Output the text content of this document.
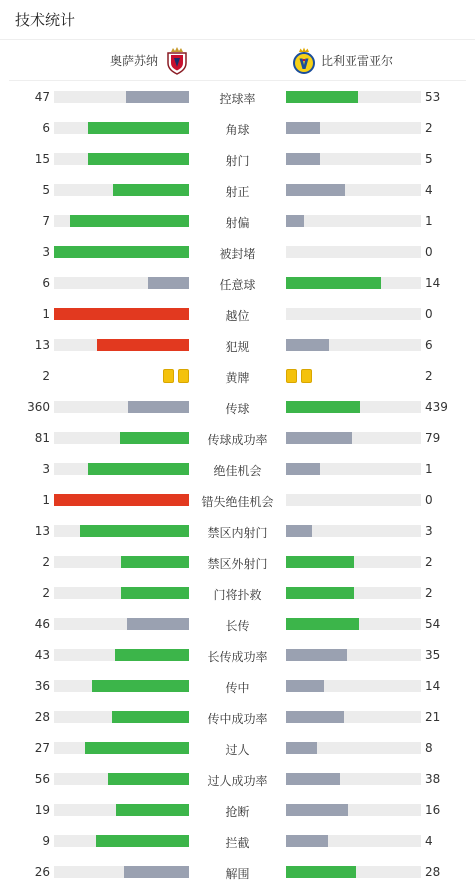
技术统计
奥萨苏纳	比利亚雷亚尔
47	控球率	53
6	角球	2
15	射门	5
5	射正	4
7	射偏	1
3	被封堵	0
6	任意球	14
1	越位	0
13	犯规	6
2	黄牌	2
360	传球	439
81	传球成功率	79
3	绝佳机会	1
1	错失绝佳机会	0
13	禁区内射门	3
2	禁区外射门	2
2	门将扑救	2
46	长传	54
43	长传成功率	35
36	传中	14
28	传中成功率	21
27	过人	8
56	过人成功率	38
19	抢断	16
9	拦截	4
26	解围	28
